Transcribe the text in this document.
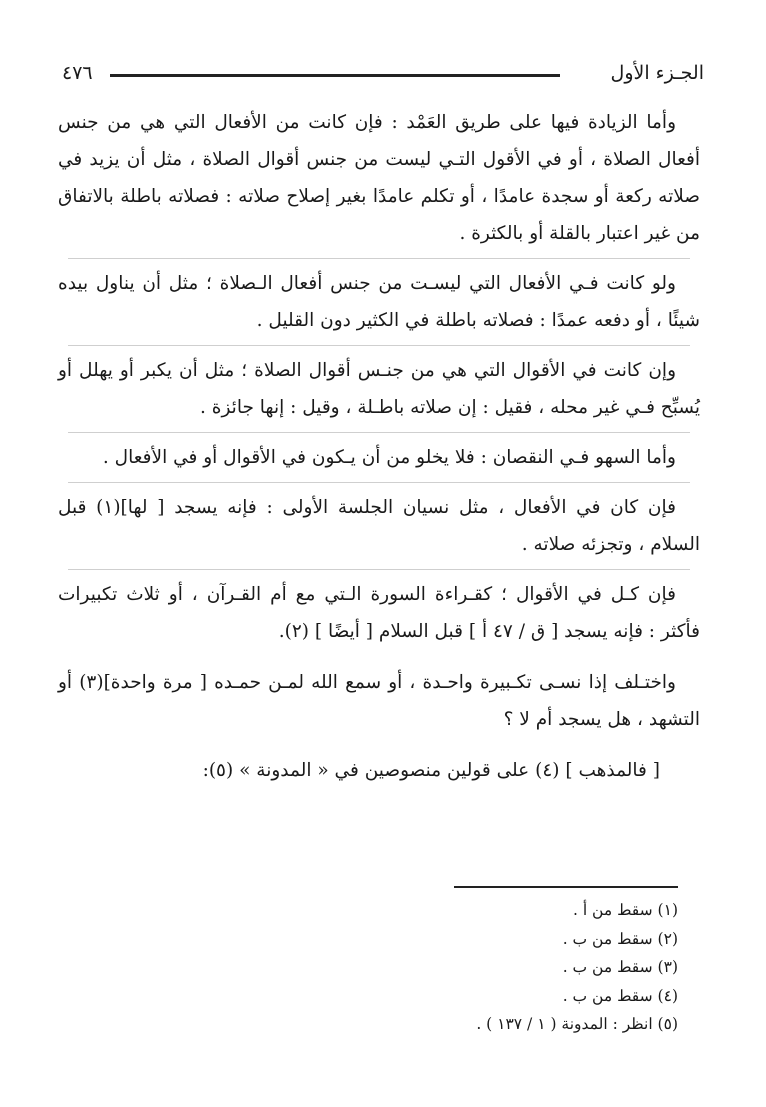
الجـزء الأول
٤٧٦

وأما الزيادة فيها على طريق العَمْد : فإن كانت من الأفعال التي هي من جنس أفعال الصلاة ، أو في الأقول التـي ليست من جنس أقوال الصلاة ، مثل أن يزيد في صلاته ركعة أو سجدة عامدًا ، أو تكلم عامدًا بغير إصلاح صلاته : فصلاته باطلة بالاتفاق من غير اعتبار بالقلة أو بالكثرة .

ولو كانت فـي الأفعال التي ليسـت من جنس أفعال الـصلاة ؛ مثل أن يناول بيده شيئًا ، أو دفعه عمدًا : فصلاته باطلة في الكثير دون القليل .

وإن كانت في الأقوال التي هي من جنـس أقوال الصلاة ؛ مثل أن يكبر أو يهلل أو يُسبِّح فـي غير محله ، فقيل : إن صلاته باطـلة ، وقيل : إنها جائزة .

وأما السهو فـي النقصان : فلا يخلو من أن يـكون في الأقوال أو في الأفعال .

فإن كان في الأفعال ، مثل نسيان الجلسة الأولى : فإنه يسجد [ لها](١) قبل السلام ، وتجزئه صلاته .

فإن كـل في الأقوال ؛ كقـراءة السورة الـتي مع أم القـرآن ، أو ثلاث تكبيرات فأكثر : فإنه يسجد [ ق / ٤٧ أ ] قبل السلام [ أيضًا ] (٢).

واختـلف إذا نسـى تكـبيرة واحـدة ، أو سمع الله لمـن حمـده [ مرة واحدة](٣) أو التشهد ، هل يسجد أم لا ؟

[ فالمذهب ] (٤) على قولين منصوصين في « المدونة » (٥):

(١) سقط من أ .
(٢) سقط من ب .
(٣) سقط من ب .
(٤) سقط من ب .
(٥) انظر : المدونة ( ١ / ١٣٧ ) .
